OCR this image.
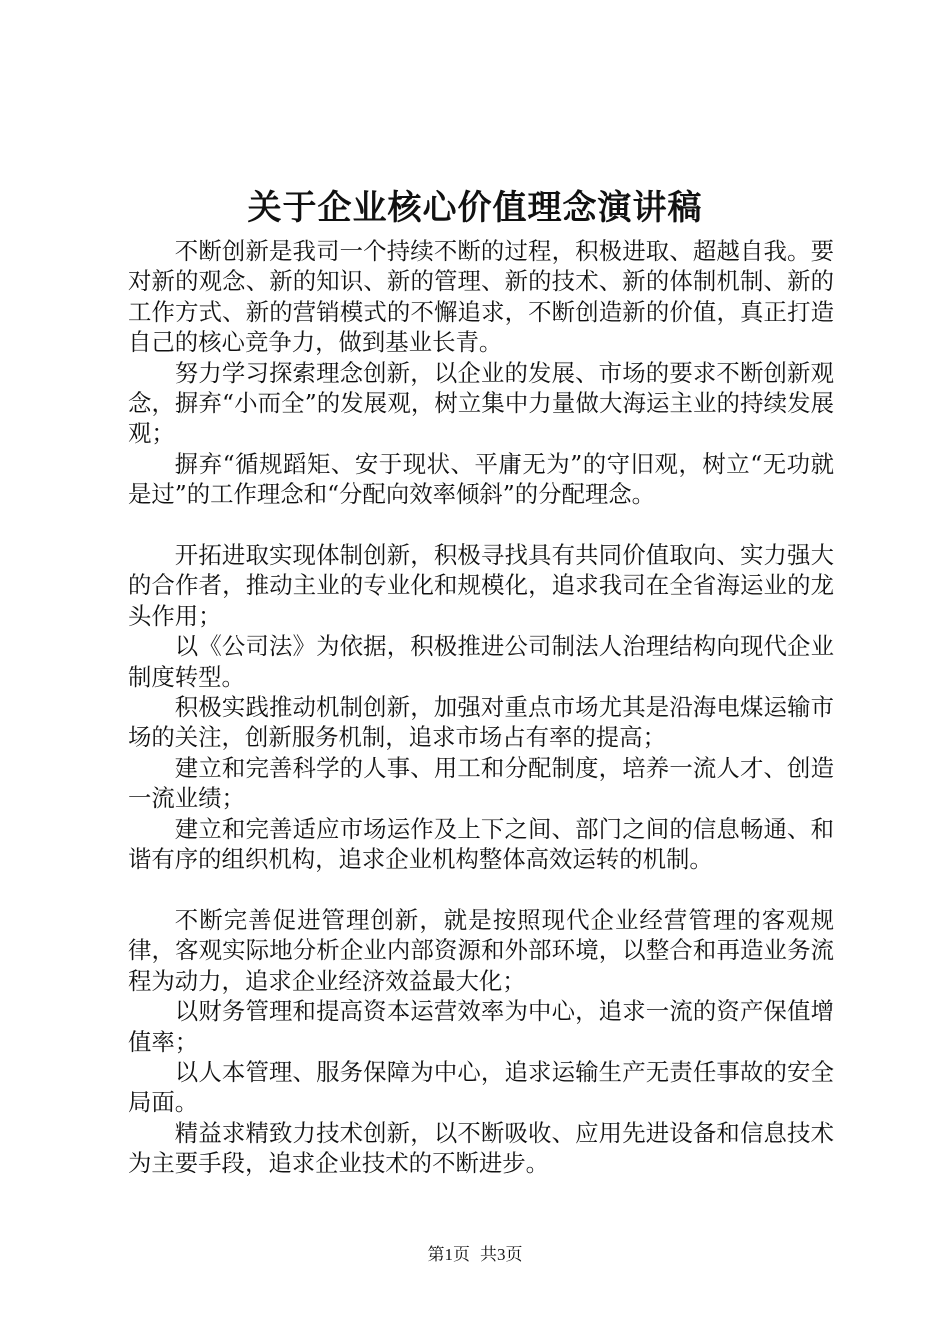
关于企业核心价值理念演讲稿

不断创新是我司一个持续不断的过程，积极进取、超越自我。要对新的观念、新的知识、新的管理、新的技术、新的体制机制、新的工作方式、新的营销模式的不懈追求，不断创造新的价值，真正打造自己的核心竞争力，做到基业长青。

努力学习探索理念创新，以企业的发展、市场的要求不断创新观念，摒弃“小而全”的发展观，树立集中力量做大海运主业的持续发展观；

摒弃“循规蹈矩、安于现状、平庸无为”的守旧观，树立“无功就是过”的工作理念和“分配向效率倾斜”的分配理念。

开拓进取实现体制创新，积极寻找具有共同价值取向、实力强大的合作者，推动主业的专业化和规模化，追求我司在全省海运业的龙头作用；

以《公司法》为依据，积极推进公司制法人治理结构向现代企业制度转型。

积极实践推动机制创新，加强对重点市场尤其是沿海电煤运输市场的关注，创新服务机制，追求市场占有率的提高；

建立和完善科学的人事、用工和分配制度，培养一流人才、创造一流业绩；

建立和完善适应市场运作及上下之间、部门之间的信息畅通、和谐有序的组织机构，追求企业机构整体高效运转的机制。

不断完善促进管理创新，就是按照现代企业经营管理的客观规律，客观实际地分析企业内部资源和外部环境，以整合和再造业务流程为动力，追求企业经济效益最大化；

以财务管理和提高资本运营效率为中心，追求一流的资产保值增值率；

以人本管理、服务保障为中心，追求运输生产无责任事故的安全局面。

精益求精致力技术创新，以不断吸收、应用先进设备和信息技术为主要手段，追求企业技术的不断进步。

第1页 共3页
